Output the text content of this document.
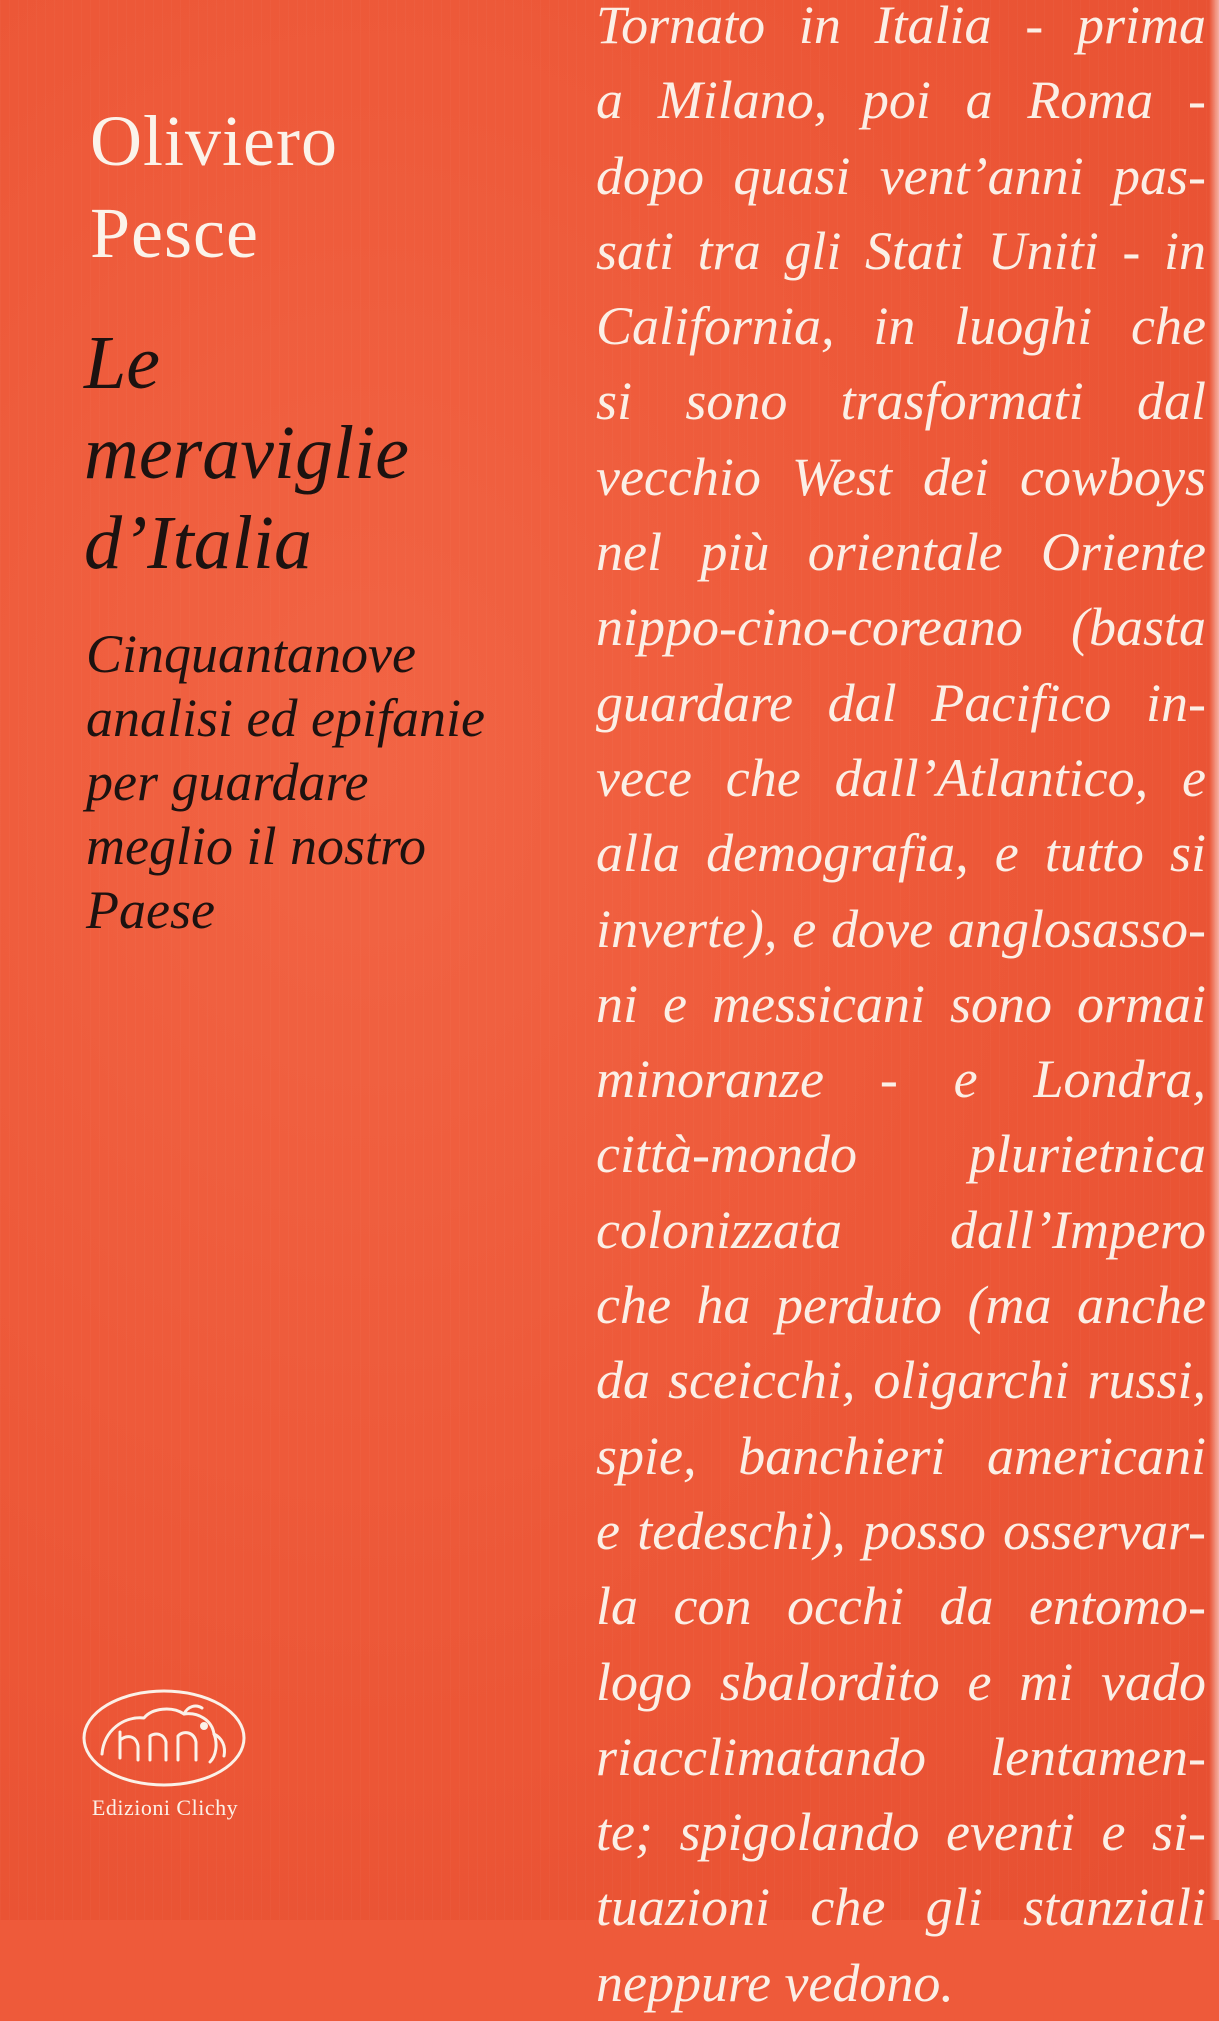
Oliviero
Pesce
Le
meraviglie
d’Italia
Cinquantanove
analisi ed epifanie
per guardare
meglio il nostro
Paese
Tornato in Italia - prima
a Milano, poi a Roma -
dopo quasi vent’anni pas-
sati tra gli Stati Uniti - in
California, in luoghi che
si sono trasformati dal
vecchio West dei cowboys
nel più orientale Oriente
nippo-cino-coreano (basta
guardare dal Pacifico in-
vece che dall’Atlantico, e
alla demografia, e tutto si
inverte), e dove anglosasso-
ni e messicani sono ormai
minoranze - e Londra,
città-mondo plurietnica
colonizzata dall’Impero
che ha perduto (ma anche
da sceicchi, oligarchi russi,
spie, banchieri americani
e tedeschi), posso osservar-
la con occhi da entomo-
logo sbalordito e mi vado
riacclimatando lentamen-
te; spigolando eventi e si-
tuazioni che gli stanziali
neppure vedono.
Edizioni Clichy
